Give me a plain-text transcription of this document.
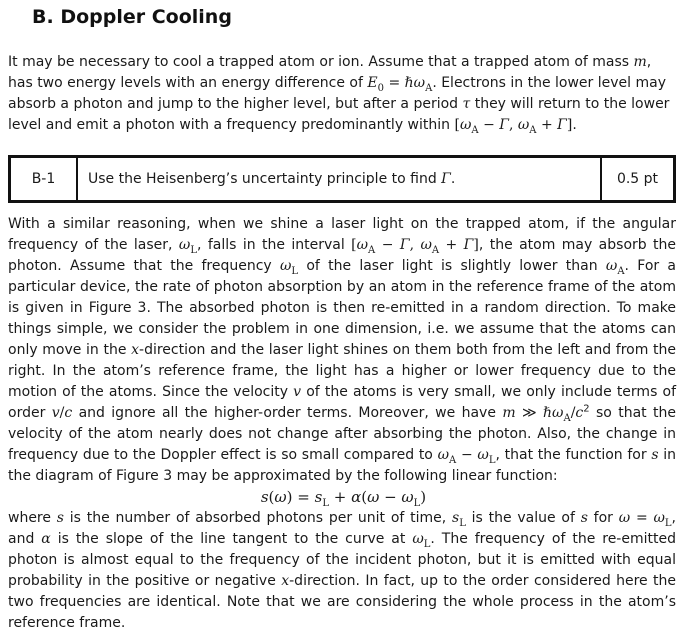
B. Doppler Cooling

It may be necessary to cool a trapped atom or ion. Assume that a trapped atom of mass m, has two energy levels with an energy difference of $E_0$ = ℏω$_A$. Electrons in the lower level may absorb a photon and jump to the higher level, but after a period τ they will return to the lower level and emit a photon with a frequency predominantly within [$\omega_A - \Gamma$, $\omega_A + \Gamma$].

B-1	Use the Heisenberg’s uncertainty principle to find Γ.	0.5 pt

With a similar reasoning, when we shine a laser light on the trapped atom, if the angular frequency of the laser, $\omega_L$, falls in the interval [$\omega_A - \Gamma$, $\omega_A + \Gamma$], the atom may absorb the photon. Assume that the frequency $\omega_L$ of the laser light is slightly lower than $\omega_A$. For a particular device, the rate of photon absorption by an atom in the reference frame of the atom is given in Figure 3. The absorbed photon is then re-emitted in a random direction. To make things simple, we consider the problem in one dimension, i.e. we assume that the atoms can only move in the x-direction and the laser light shines on them both from the left and from the right. In the atom’s reference frame, the light has a higher or lower frequency due to the motion of the atoms. Since the velocity v of the atoms is very small, we only include terms of order v/c and ignore all the higher-order terms. Moreover, we have m ≫ $\hbar\omega_A/c^2$ so that the velocity of the atom nearly does not change after absorbing the photon. Also, the change in frequency due to the Doppler effect is so small compared to $\omega_A - \omega_L$, that the function for s in the diagram of Figure 3 may be approximated by the following linear function:

$s(\omega) = s_L + \alpha(\omega - \omega_L)$

where s is the number of absorbed photons per unit of time, $s_L$ is the value of s for $\omega = \omega_L$, and α is the slope of the line tangent to the curve at $\omega_L$. The frequency of the re-emitted photon is almost equal to the frequency of the incident photon, but it is emitted with equal probability in the positive or negative x-direction. In fact, up to the order considered here the two frequencies are identical. Note that we are considering the whole process in the atom’s reference frame.
